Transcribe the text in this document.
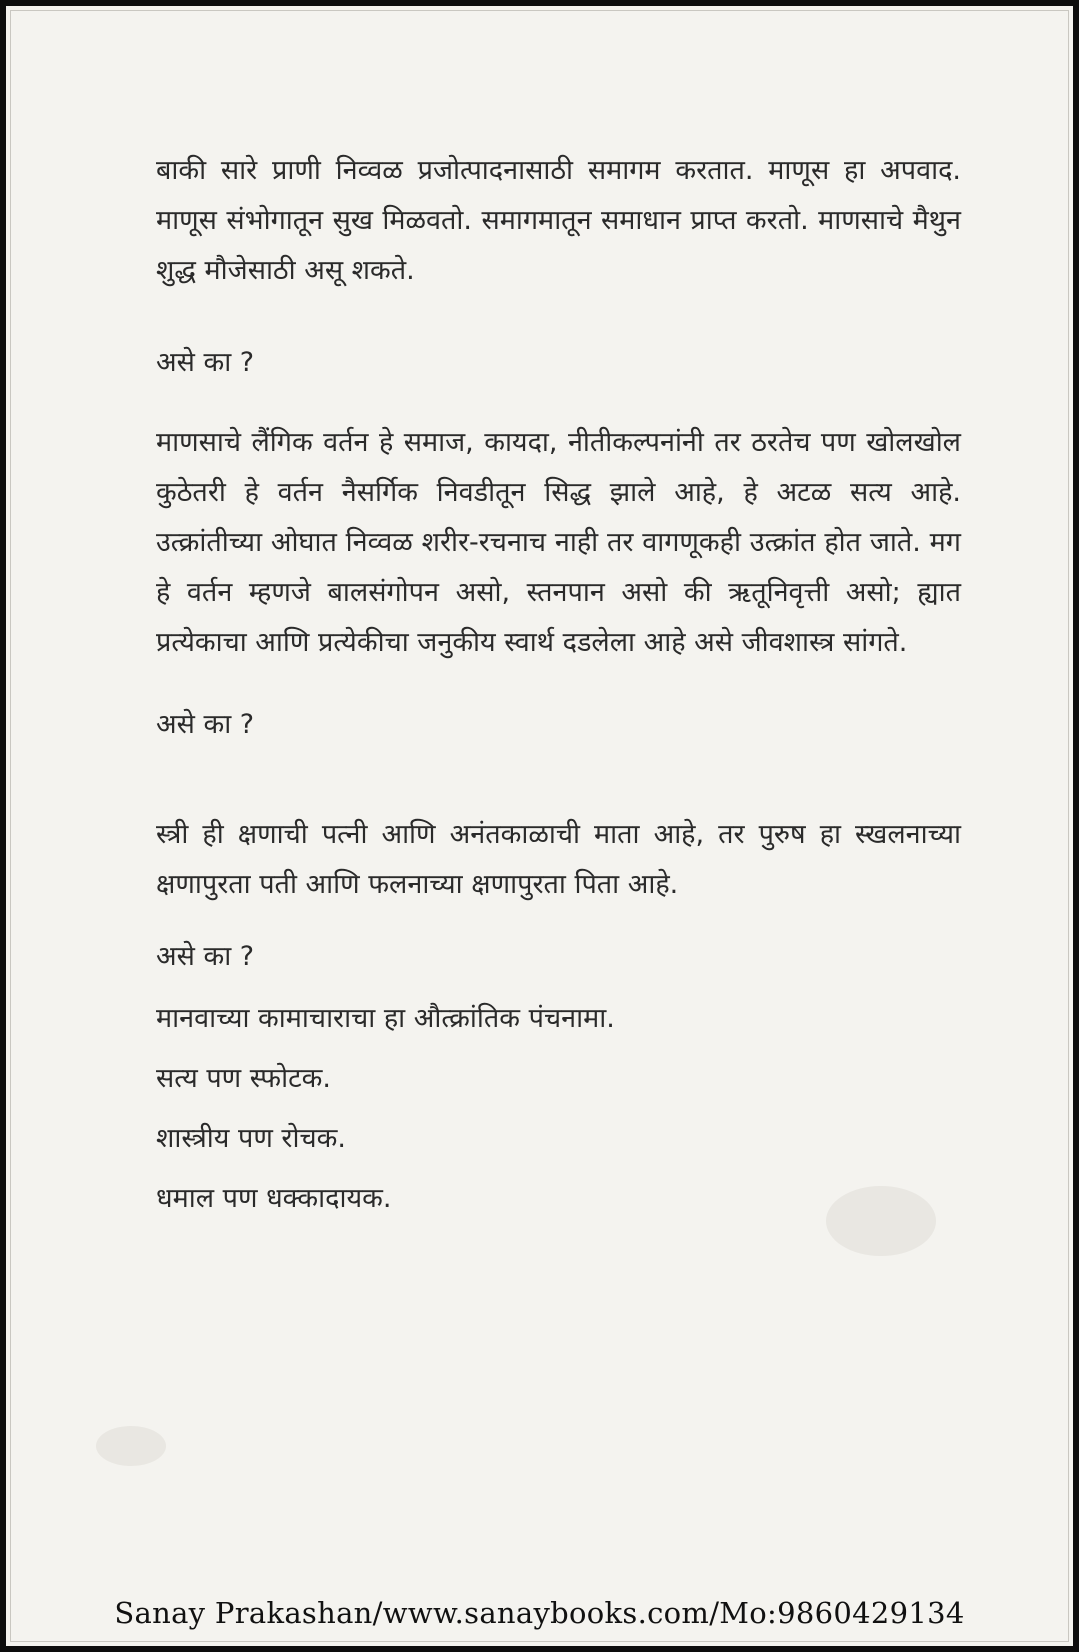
बाकी सारे प्राणी निव्वळ प्रजोत्पादनासाठी समागम करतात. माणूस हा अपवाद. माणूस संभोगातून सुख मिळवतो. समागमातून समाधान प्राप्त करतो. माणसाचे मैथुन शुद्ध मौजेसाठी असू शकते.

असे का ?

माणसाचे लैंगिक वर्तन हे समाज, कायदा, नीतीकल्पनांनी तर ठरतेच पण खोलखोल कुठेतरी हे वर्तन नैसर्गिक निवडीतून सिद्ध झाले आहे, हे अटळ सत्य आहे. उत्क्रांतीच्या ओघात निव्वळ शरीर-रचनाच नाही तर वागणूकही उत्क्रांत होत जाते. मग हे वर्तन म्हणजे बालसंगोपन असो, स्तनपान असो की ऋतूनिवृत्ती असो; ह्यात प्रत्येकाचा आणि प्रत्येकीचा जनुकीय स्वार्थ दडलेला आहे असे जीवशास्त्र सांगते.

असे का ?

स्त्री ही क्षणाची पत्नी आणि अनंतकाळाची माता आहे, तर पुरुष हा स्खलनाच्या क्षणापुरता पती आणि फलनाच्या क्षणापुरता पिता आहे.

असे का ?

मानवाच्या कामाचाराचा हा औत्क्रांतिक पंचनामा.

सत्य पण स्फोटक.

शास्त्रीय पण रोचक.

धमाल पण धक्कादायक.

Sanay Prakashan/www.sanaybooks.com/Mo:9860429134
